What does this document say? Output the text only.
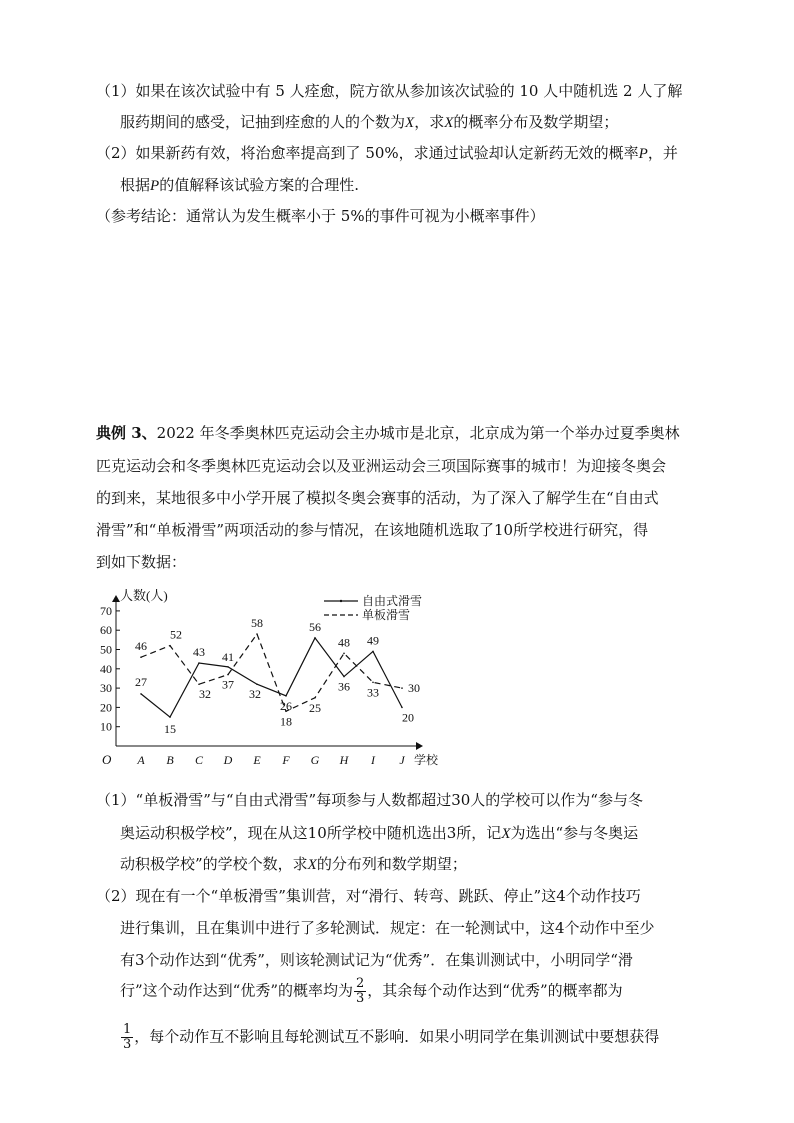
（1）如果在该次试验中有 5 人痊愈，院方欲从参加该次试验的 10 人中随机选 2 人了解
服药期间的感受，记抽到痊愈的人的个数为X，求X的概率分布及数学期望；
（2）如果新药有效，将治愈率提高到了 50%，求通过试验却认定新药无效的概率P，并
根据P的值解释该试验方案的合理性.
（参考结论：通常认为发生概率小于 5%的事件可视为小概率事件）
典例 3、2022 年冬季奥林匹克运动会主办城市是北京，北京成为第一个举办过夏季奥林
匹克运动会和冬季奥林匹克运动会以及亚洲运动会三项国际赛事的城市！为迎接冬奥会
的到来，某地很多中小学开展了模拟冬奥会赛事的活动，为了深入了解学生在“自由式
滑雪”和“单板滑雪”两项活动的参与情况，在该地随机选取了10所学校进行研究，得
到如下数据：
人数(人)
学校
O
10
20
30
40
50
60
70
A B C D E F G H I J
27
15
43 41
32
26
56
36
49
20
46
52
32
37
58
18
25
48
33 30
自由式滑雪
单板滑雪
（1）“单板滑雪”与“自由式滑雪”每项参与人数都超过30人的学校可以作为“参与冬
奥运动积极学校”，现在从这10所学校中随机选出3所，记X为选出“参与冬奥运
动积极学校”的学校个数，求X的分布列和数学期望；
（2）现在有一个“单板滑雪”集训营，对“滑行、转弯、跳跃、停止”这4个动作技巧
进行集训，且在集训中进行了多轮测试．规定：在一轮测试中，这4个动作中至少
有3个动作达到“优秀”，则该轮测试记为“优秀”．在集训测试中，小明同学“滑
行”这个动作达到“优秀”的概率均为 $\frac{2}{3}$ ，其余每个动作达到“优秀”的概率都为
$\frac{1}{3}$ ，每个动作互不影响且每轮测试互不影响．如果小明同学在集训测试中要想获得
